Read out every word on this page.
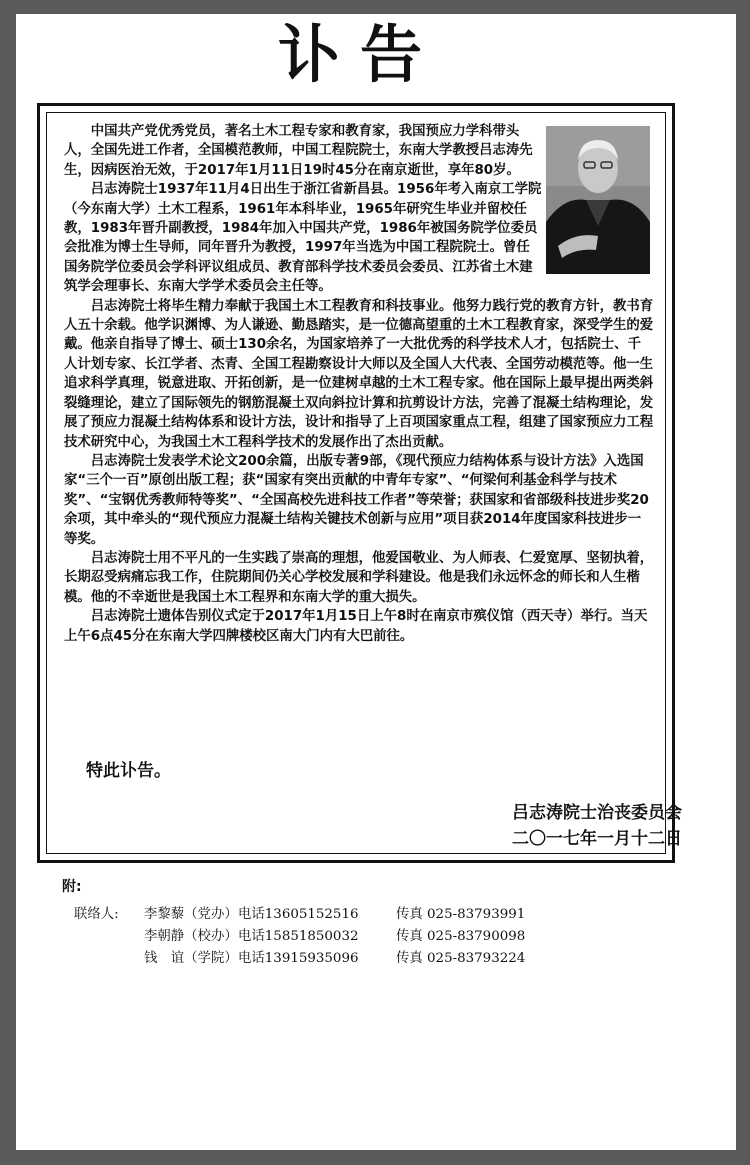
讣告

中国共产党优秀党员，著名土木工程专家和教育家，我国预应力学科带头人，全国先进工作者，全国模范教师，中国工程院院士，东南大学教授吕志涛先生，因病医治无效，于2017年1月11日19时45分在南京逝世，享年80岁。

吕志涛院士1937年11月4日出生于浙江省新昌县。1956年考入南京工学院（今东南大学）土木工程系，1961年本科毕业，1965年研究生毕业并留校任教，1983年晋升副教授，1984年加入中国共产党，1986年被国务院学位委员会批准为博士生导师，同年晋升为教授，1997年当选为中国工程院院士。曾任国务院学位委员会学科评议组成员、教育部科学技术委员会委员、江苏省土木建筑学会理事长、东南大学学术委员会主任等。

吕志涛院士将毕生精力奉献于我国土木工程教育和科技事业。他努力践行党的教育方针，教书育人五十余载。他学识渊博、为人谦逊、勤恳踏实，是一位德高望重的土木工程教育家，深受学生的爱戴。他亲自指导了博士、硕士130余名，为国家培养了一大批优秀的科学技术人才，包括院士、千人计划专家、长江学者、杰青、全国工程勘察设计大师以及全国人大代表、全国劳动模范等。他一生追求科学真理，锐意进取、开拓创新，是一位建树卓越的土木工程专家。他在国际上最早提出两类斜裂缝理论，建立了国际领先的钢筋混凝土双向斜拉计算和抗剪设计方法，完善了混凝土结构理论，发展了预应力混凝土结构体系和设计方法，设计和指导了上百项国家重点工程，组建了国家预应力工程技术研究中心，为我国土木工程科学技术的发展作出了杰出贡献。

吕志涛院士发表学术论文200余篇，出版专著9部，《现代预应力结构体系与设计方法》入选国家“三个一百”原创出版工程；获“国家有突出贡献的中青年专家”、“何梁何利基金科学与技术奖”、“宝钢优秀教师特等奖”、“全国高校先进科技工作者”等荣誉；获国家和省部级科技进步奖20余项，其中牵头的“现代预应力混凝土结构关键技术创新与应用”项目获2014年度国家科技进步一等奖。

吕志涛院士用不平凡的一生实践了崇高的理想，他爱国敬业、为人师表、仁爱宽厚、坚韧执着，长期忍受病痛忘我工作，住院期间仍关心学校发展和学科建设。他是我们永远怀念的师长和人生楷模。他的不幸逝世是我国土木工程界和东南大学的重大损失。

吕志涛院士遗体告别仪式定于2017年1月15日上午8时在南京市殡仪馆（西天寺）举行。当天上午6点45分在东南大学四牌楼校区南大门内有大巴前往。

特此讣告。
吕志涛院士治丧委员会
二〇一七年一月十二日
附:
联络人: 李黎藜（党办）电话13605152516	传真 025-83793991
李朝静（校办）电话15851850032	传真 025-83790098
钱　谊（学院）电话13915935096	传真 025-83793224
